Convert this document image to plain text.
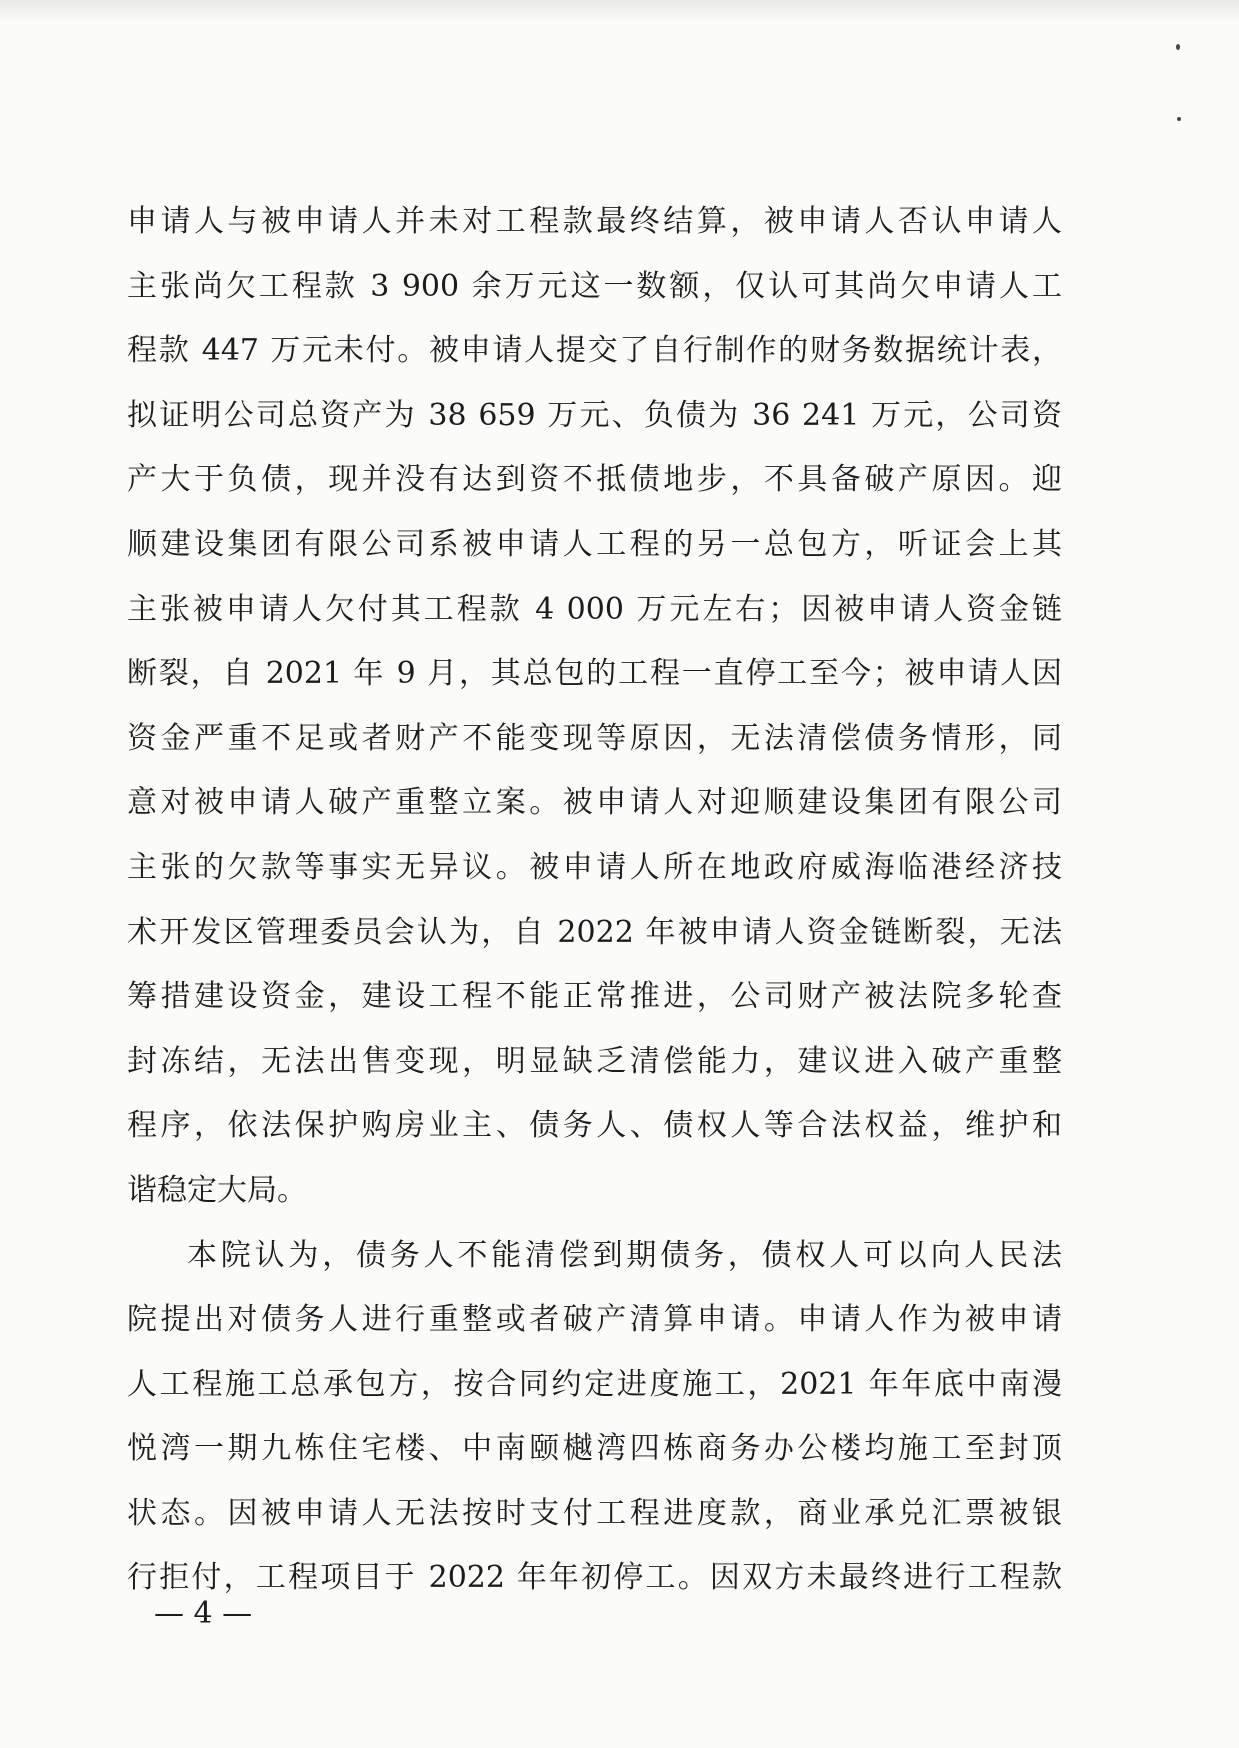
申请人与被申请人并未对工程款最终结算，被申请人否认申请人
主张尚欠工程款 3 900 余万元这一数额，仅认可其尚欠申请人工
程款 447 万元未付。被申请人提交了自行制作的财务数据统计表，
拟证明公司总资产为 38 659 万元、负债为 36 241 万元，公司资
产大于负债，现并没有达到资不抵债地步，不具备破产原因。迎
顺建设集团有限公司系被申请人工程的另一总包方，听证会上其
主张被申请人欠付其工程款 4 000 万元左右；因被申请人资金链
断裂，自 2021 年 9 月，其总包的工程一直停工至今；被申请人因
资金严重不足或者财产不能变现等原因，无法清偿债务情形，同
意对被申请人破产重整立案。被申请人对迎顺建设集团有限公司
主张的欠款等事实无异议。被申请人所在地政府威海临港经济技
术开发区管理委员会认为，自 2022 年被申请人资金链断裂，无法
筹措建设资金，建设工程不能正常推进，公司财产被法院多轮查
封冻结，无法出售变现，明显缺乏清偿能力，建议进入破产重整
程序，依法保护购房业主、债务人、债权人等合法权益，维护和
谐稳定大局。
本院认为，债务人不能清偿到期债务，债权人可以向人民法
院提出对债务人进行重整或者破产清算申请。申请人作为被申请
人工程施工总承包方，按合同约定进度施工，2021 年年底中南漫
悦湾一期九栋住宅楼、中南颐樾湾四栋商务办公楼均施工至封顶
状态。因被申请人无法按时支付工程进度款，商业承兑汇票被银
行拒付，工程项目于 2022 年年初停工。因双方未最终进行工程款
— 4 —
